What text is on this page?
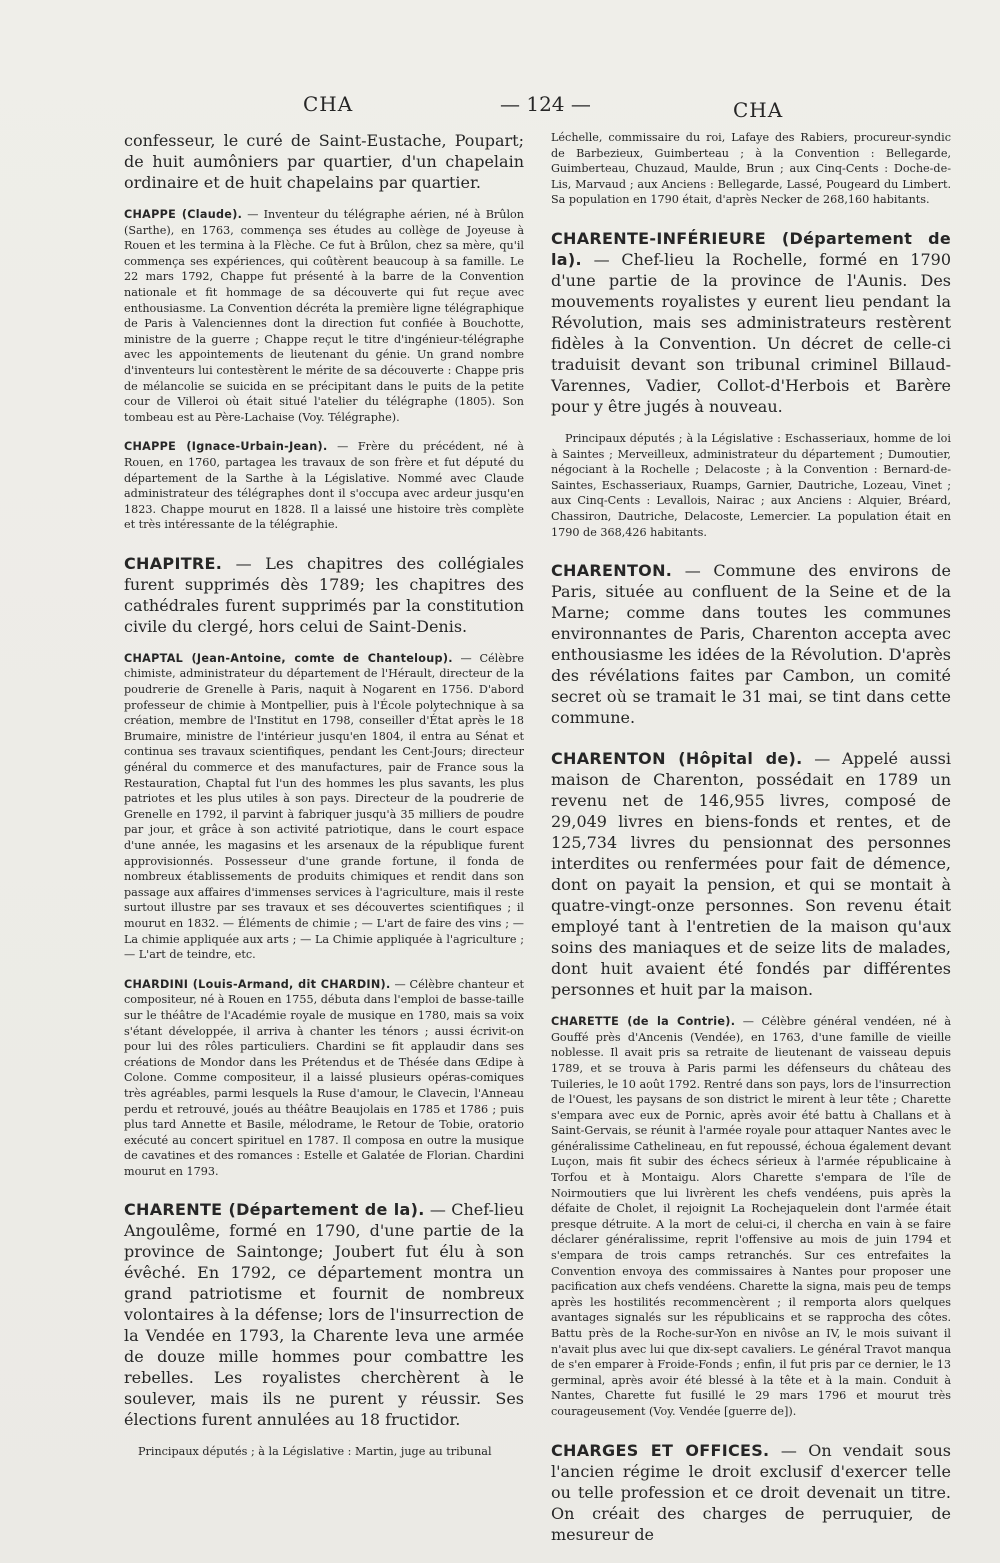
CHA	— 124 —	CHA
confesseur, le curé de Saint-Eustache, Poupart; de huit aumôniers par quartier, d'un chapelain ordinaire et de huit chapelains par quartier.
CHAPPE (Claude). — Inventeur du télégraphe aérien, né à Brûlon (Sarthe), en 1763, commença ses études au collège de Joyeuse à Rouen et les termina à la Flèche. Ce fut à Brûlon, chez sa mère, qu'il commença ses expériences, qui coûtèrent beaucoup à sa famille. Le 22 mars 1792, Chappe fut présenté à la barre de la Convention nationale et fit hommage de sa découverte qui fut reçue avec enthousiasme. La Convention décréta la première ligne télégraphique de Paris à Valenciennes dont la direction fut confiée à Bouchotte, ministre de la guerre ; Chappe reçut le titre d'ingénieur-télégraphe avec les appointements de lieutenant du génie. Un grand nombre d'inventeurs lui contestèrent le mérite de sa découverte : Chappe pris de mélancolie se suicida en se précipitant dans le puits de la petite cour de Villeroi où était situé l'atelier du télégraphe (1805). Son tombeau est au Père-Lachaise (Voy. Télégraphe).
CHAPPE (Ignace-Urbain-Jean). — Frère du précédent, né à Rouen, en 1760, partagea les travaux de son frère et fut député du département de la Sarthe à la Législative. Nommé avec Claude administrateur des télégraphes dont il s'occupa avec ardeur jusqu'en 1823. Chappe mourut en 1828. Il a laissé une histoire très complète et très intéressante de la télégraphie.
CHAPITRE. — Les chapitres des collégiales furent supprimés dès 1789; les chapitres des cathédrales furent supprimés par la constitution civile du clergé, hors celui de Saint-Denis.
CHAPTAL (Jean-Antoine, comte de Chanteloup). — Célèbre chimiste, administrateur du département de l'Hérault, directeur de la poudrerie de Grenelle à Paris, naquit à Nogarent en 1756. D'abord professeur de chimie à Montpellier, puis à l'École polytechnique à sa création, membre de l'Institut en 1798, conseiller d'État après le 18 Brumaire, ministre de l'intérieur jusqu'en 1804, il entra au Sénat et continua ses travaux scientifiques, pendant les Cent-Jours; directeur général du commerce et des manufactures, pair de France sous la Restauration, Chaptal fut l'un des hommes les plus savants, les plus patriotes et les plus utiles à son pays. Directeur de la poudrerie de Grenelle en 1792, il parvint à fabriquer jusqu'à 35 milliers de poudre par jour, et grâce à son activité patriotique, dans le court espace d'une année, les magasins et les arsenaux de la république furent approvisionnés. Possesseur d'une grande fortune, il fonda de nombreux établissements de produits chimiques et rendit dans son passage aux affaires d'immenses services à l'agriculture, mais il reste surtout illustre par ses travaux et ses découvertes scientifiques ; il mourut en 1832. — Éléments de chimie ; — L'art de faire des vins ; — La chimie appliquée aux arts ; — La Chimie appliquée à l'agriculture ; — L'art de teindre, etc.
CHARDINI (Louis-Armand, dit CHARDIN). — Célèbre chanteur et compositeur, né à Rouen en 1755, débuta dans l'emploi de basse-taille sur le théâtre de l'Académie royale de musique en 1780, mais sa voix s'étant développée, il arriva à chanter les ténors ; aussi écrivit-on pour lui des rôles particuliers. Chardini se fit applaudir dans ses créations de Mondor dans les Prétendus et de Thésée dans Œdipe à Colone. Comme compositeur, il a laissé plusieurs opéras-comiques très agréables, parmi lesquels la Ruse d'amour, le Clavecin, l'Anneau perdu et retrouvé, joués au théâtre Beaujolais en 1785 et 1786 ; puis plus tard Annette et Basile, mélodrame, le Retour de Tobie, oratorio exécuté au concert spirituel en 1787. Il composa en outre la musique de cavatines et des romances : Estelle et Galatée de Florian. Chardini mourut en 1793.
CHARENTE (Département de la). — Chef-lieu Angoulême, formé en 1790, d'une partie de la province de Saintonge; Joubert fut élu à son évêché. En 1792, ce département montra un grand patriotisme et fournit de nombreux volontaires à la défense; lors de l'insurrection de la Vendée en 1793, la Charente leva une armée de douze mille hommes pour combattre les rebelles. Les royalistes cherchèrent à le soulever, mais ils ne purent y réussir. Ses élections furent annulées au 18 fructidor.
Principaux députés ; à la Législative : Martin, juge au tribunal
Léchelle, commissaire du roi, Lafaye des Rabiers, procureur-syndic de Barbezieux, Guimberteau ; à la Convention : Bellegarde, Guimberteau, Chuzaud, Maulde, Brun ; aux Cinq-Cents : Doche-de-Lis, Marvaud ; aux Anciens : Bellegarde, Lassé, Pougeard du Limbert. Sa population en 1790 était, d'après Necker de 268,160 habitants.
CHARENTE-INFÉRIEURE (Département de la). — Chef-lieu la Rochelle, formé en 1790 d'une partie de la province de l'Aunis. Des mouvements royalistes y eurent lieu pendant la Révolution, mais ses administrateurs restèrent fidèles à la Convention. Un décret de celle-ci traduisit devant son tribunal criminel Billaud-Varennes, Vadier, Collot-d'Herbois et Barère pour y être jugés à nouveau.
Principaux députés ; à la Législative : Eschasseriaux, homme de loi à Saintes ; Merveilleux, administrateur du département ; Dumoutier, négociant à la Rochelle ; Delacoste ; à la Convention : Bernard-de-Saintes, Eschasseriaux, Ruamps, Garnier, Dautriche, Lozeau, Vinet ; aux Cinq-Cents : Levallois, Nairac ; aux Anciens : Alquier, Bréard, Chassiron, Dautriche, Delacoste, Lemercier. La population était en 1790 de 368,426 habitants.
CHARENTON. — Commune des environs de Paris, située au confluent de la Seine et de la Marne; comme dans toutes les communes environnantes de Paris, Charenton accepta avec enthousiasme les idées de la Révolution. D'après des révélations faites par Cambon, un comité secret où se tramait le 31 mai, se tint dans cette commune.
CHARENTON (Hôpital de). — Appelé aussi maison de Charenton, possédait en 1789 un revenu net de 146,955 livres, composé de 29,049 livres en biens-fonds et rentes, et de 125,734 livres du pensionnat des personnes interdites ou renfermées pour fait de démence, dont on payait la pension, et qui se montait à quatre-vingt-onze personnes. Son revenu était employé tant à l'entretien de la maison qu'aux soins des maniaques et de seize lits de malades, dont huit avaient été fondés par différentes personnes et huit par la maison.
CHARETTE (de la Contrie). — Célèbre général vendéen, né à Gouffé près d'Ancenis (Vendée), en 1763, d'une famille de vieille noblesse. Il avait pris sa retraite de lieutenant de vaisseau depuis 1789, et se trouva à Paris parmi les défenseurs du château des Tuileries, le 10 août 1792. Rentré dans son pays, lors de l'insurrection de l'Ouest, les paysans de son district le mirent à leur tête ; Charette s'empara avec eux de Pornic, après avoir été battu à Challans et à Saint-Gervais, se réunit à l'armée royale pour attaquer Nantes avec le généralissime Cathelineau, en fut repoussé, échoua également devant Luçon, mais fit subir des échecs sérieux à l'armée républicaine à Torfou et à Montaigu. Alors Charette s'empara de l'île de Noirmoutiers que lui livrèrent les chefs vendéens, puis après la défaite de Cholet, il rejoignit La Rochejaquelein dont l'armée était presque détruite. A la mort de celui-ci, il chercha en vain à se faire déclarer généralissime, reprit l'offensive au mois de juin 1794 et s'empara de trois camps retranchés. Sur ces entrefaites la Convention envoya des commissaires à Nantes pour proposer une pacification aux chefs vendéens. Charette la signa, mais peu de temps après les hostilités recommencèrent ; il remporta alors quelques avantages signalés sur les républicains et se rapprocha des côtes. Battu près de la Roche-sur-Yon en nivôse an IV, le mois suivant il n'avait plus avec lui que dix-sept cavaliers. Le général Travot manqua de s'en emparer à Froide-Fonds ; enfin, il fut pris par ce dernier, le 13 germinal, après avoir été blessé à la tête et à la main. Conduit à Nantes, Charette fut fusillé le 29 mars 1796 et mourut très courageusement (Voy. Vendée [guerre de]).
CHARGES ET OFFICES. — On vendait sous l'ancien régime le droit exclusif d'exercer telle ou telle profession et ce droit devenait un titre. On créait des charges de perruquier, de mesureur de
